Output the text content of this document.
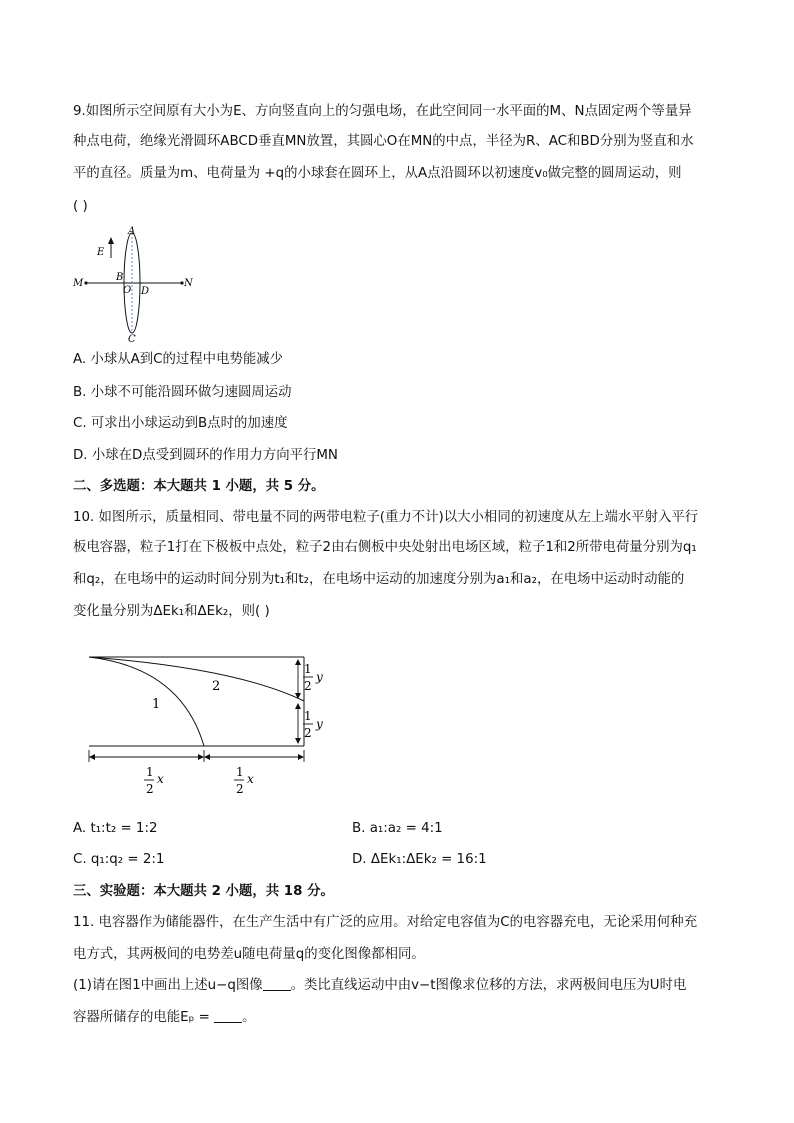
9.如图所示空间原有大小为E、方向竖直向上的匀强电场，在此空间同一水平面的M、N点固定两个等量异
种点电荷，绝缘光滑圆环ABCD垂直MN放置，其圆心O在MN的中点，半径为R、AC和BD分别为竖直和水
平的直径。质量为m、电荷量为 +q的小球套在圆环上，从A点沿圆环以初速度v₀做完整的圆周运动，则
( )
E
M	N
A
C
B
O D
A. 小球从A到C的过程中电势能减少
B. 小球不可能沿圆环做匀速圆周运动
C. 可求出小球运动到B点时的加速度
D. 小球在D点受到圆环的作用力方向平行MN
二、多选题：本大题共 1 小题，共 5 分。
10. 如图所示，质量相同、带电量不同的两带电粒子(重力不计)以大小相同的初速度从左上端水平射入平行
板电容器，粒子1打在下极板中点处，粒子2由右侧板中央处射出电场区域，粒子1和2所带电荷量分别为q₁
和q₂，在电场中的运动时间分别为t₁和t₂，在电场中运动的加速度分别为a₁和a₂，在电场中运动时动能的
变化量分别为ΔEk₁和ΔEk₂，则( )
1
2
1
2
y
1
2
y
1
2
x	1
2
x
A. t₁:t₂ = 1:2	B. a₁:a₂ = 4:1
C. q₁:q₂ = 2:1	D. ΔEk₁:ΔEk₂ = 16:1
三、实验题：本大题共 2 小题，共 18 分。
11. 电容器作为储能器件，在生产生活中有广泛的应用。对给定电容值为C的电容器充电，无论采用何种充
电方式，其两极间的电势差u随电荷量q的变化图像都相同。
(1)请在图1中画出上述u−q图像 。类比直线运动中由v−t图像求位移的方法，求两极间电压为U时电
容器所储存的电能Eₚ = 。
